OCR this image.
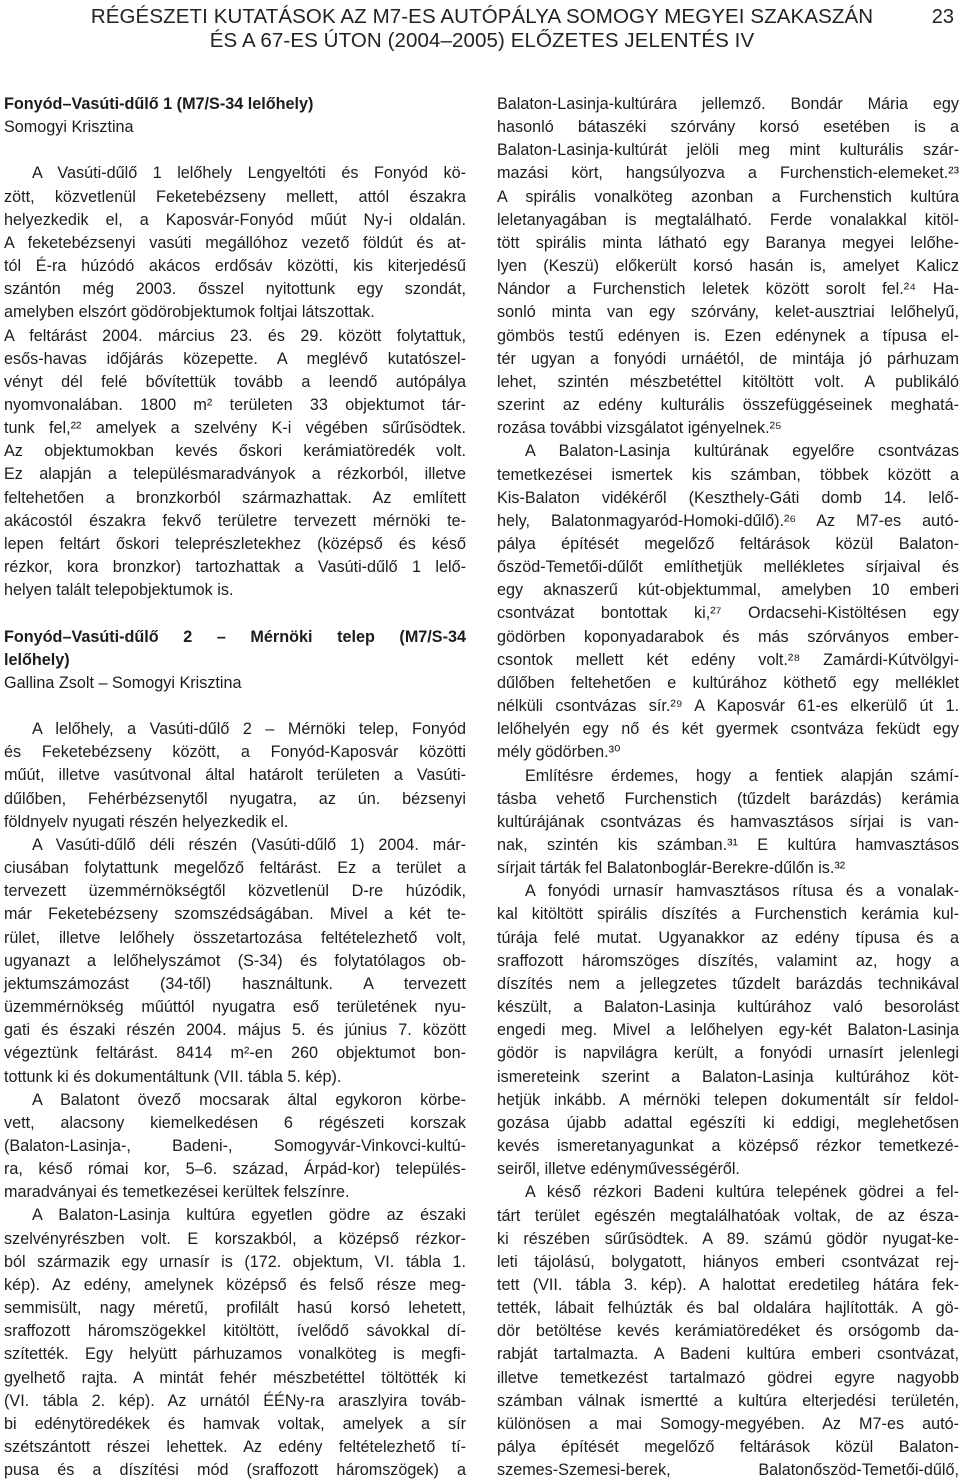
RÉGÉSZETI KUTATÁSOK AZ M7-ES AUTÓPÁLYA SOMOGY MEGYEI SZAKASZÁN
ÉS A 67-ES ÚTON (2004–2005) ELŐZETES JELENTÉS IV
23
Fonyód–Vasúti-dűlő 1 (M7/S-34 lelőhely)
Somogyi Krisztina
A Vasúti-dűlő 1 lelőhely Lengyeltóti és Fonyód kö-
zött, közvetlenül Feketebézseny mellett, attól északra
helyezkedik el, a Kaposvár-Fonyód műút Ny-i oldalán.
A feketebézsenyi vasúti megállóhoz vezető földút és at-
tól É-ra húzódó akácos erdősáv közötti, kis kiterjedésű
szántón még 2003. ősszel nyitottunk egy szondát,
amelyben elszórt gödörobjektumok foltjai látszottak.
A feltárást 2004. március 23. és 29. között folytattuk,
esős-havas időjárás közepette. A meglévő kutatószel-
vényt dél felé bővítettük tovább a leendő autópálya
nyomvonalában. 1800 m² területen 33 objektumot tár-
tunk fel,²² amelyek a szelvény K-i végében sűrűsödtek.
Az objektumokban kevés őskori kerámiatöredék volt.
Ez alapján a településmaradványok a rézkorból, illetve
feltehetően a bronzkorból származhattak. Az említett
akácostól északra fekvő területre tervezett mérnöki te-
lepen feltárt őskori teleprészletekhez (középső és késő
rézkor, kora bronzkor) tartozhattak a Vasúti-dűlő 1 lelő-
helyen talált telepobjektumok is.
Fonyód–Vasúti-dűlő 2 – Mérnöki telep (M7/S-34
lelőhely)
Gallina Zsolt – Somogyi Krisztina
A lelőhely, a Vasúti-dűlő 2 – Mérnöki telep, Fonyód
és Feketebézseny között, a Fonyód-Kaposvár közötti
műút, illetve vasútvonal által határolt területen a Vasúti-
dűlőben, Fehérbézsenytől nyugatra, az ún. bézsenyi
földnyelv nyugati részén helyezkedik el.
A Vasúti-dűlő déli részén (Vasúti-dűlő 1) 2004. már-
ciusában folytattunk megelőző feltárást. Ez a terület a
tervezett üzemmérnökségtől közvetlenül D-re húzódik,
már Feketebézseny szomszédságában. Mivel a két te-
rület, illetve lelőhely összetartozása feltételezhető volt,
ugyanazt a lelőhelyszámot (S-34) és folytatólagos ob-
jektumszámozást (34-től) használtunk. A tervezett
üzemmérnökség műúttól nyugatra eső területének nyu-
gati és északi részén 2004. május 5. és június 7. között
végeztünk feltárást. 8414 m²-en 260 objektumot bon-
tottunk ki és dokumentáltunk (VII. tábla 5. kép).
A Balatont övező mocsarak által egykoron körbe-
vett, alacsony kiemelkedésen 6 régészeti korszak
(Balaton-Lasinja-, Badeni-, Somogyvár-Vinkovci-kultú-
ra, késő római kor, 5–6. század, Árpád-kor) település-
maradványai és temetkezései kerültek felszínre.
A Balaton-Lasinja kultúra egyetlen gödre az északi
szelvényrészben volt. E korszakból, a középső rézkor-
ból származik egy urnasír is (172. objektum, VI. tábla 1.
kép). Az edény, amelynek középső és felső része meg-
semmisült, nagy méretű, profilált hasú korsó lehetett,
sraffozott háromszögekkel kitöltött, ívelődő sávokkal dí-
szítették. Egy helyütt párhuzamos vonalköteg is megfi-
gyelhető rajta. A mintát fehér mészbetéttel töltötték ki
(VI. tábla 2. kép). Az urnától ÉÉNy-ra araszlyira továb-
bi edénytöredékek és hamvak voltak, amelyek a sír
szétszántott részei lehettek. Az edény feltételezhető tí-
pusa és a díszítési mód (sraffozott háromszögek) a
Balaton-Lasinja-kultúrára jellemző. Bondár Mária egy
hasonló bátaszéki szórvány korsó esetében is a
Balaton-Lasinja-kultúrát jelöli meg mint kulturális szár-
mazási kört, hangsúlyozva a Furchenstich-elemeket.²³
A spirális vonalköteg azonban a Furchenstich kultúra
leletanyagában is megtalálható. Ferde vonalakkal kitöl-
tött spirális minta látható egy Baranya megyei lelőhe-
lyen (Keszü) előkerült korsó hasán is, amelyet Kalicz
Nándor a Furchenstich leletek között sorolt fel.²⁴ Ha-
sonló minta van egy szórvány, kelet-ausztriai lelőhelyű,
gömbös testű edényen is. Ezen edénynek a típusa el-
tér ugyan a fonyódi urnáétól, de mintája jó párhuzam
lehet, szintén mészbetéttel kitöltött volt. A publikáló
szerint az edény kulturális összefüggéseinek meghatá-
rozása további vizsgálatot igényelnek.²⁵
A Balaton-Lasinja kultúrának egyelőre csontvázas
temetkezései ismertek kis számban, többek között a
Kis-Balaton vidékéről (Keszthely-Gáti domb 14. lelő-
hely, Balatonmagyaród-Homoki-dűlő).²⁶ Az M7-es autó-
pálya építését megelőző feltárások közül Balaton-
őszöd-Temetői-dűlőt említhetjük mellékletes sírjaival és
egy aknaszerű kút-objektummal, amelyben 10 emberi
csontvázat bontottak ki,²⁷ Ordacsehi-Kistöltésen egy
gödörben koponyadarabok és más szórványos ember-
csontok mellett két edény volt.²⁸ Zamárdi-Kútvölgyi-
dűlőben feltehetően e kultúrához köthető egy melléklet
nélküli csontvázas sír.²⁹ A Kaposvár 61-es elkerülő út 1.
lelőhelyén egy nő és két gyermek csontváza feküdt egy
mély gödörben.³⁰
Említésre érdemes, hogy a fentiek alapján számí-
tásba vehető Furchenstich (tűzdelt barázdás) kerámia
kultúrájának csontvázas és hamvasztásos sírjai is van-
nak, szintén kis számban.³¹ E kultúra hamvasztásos
sírjait tárták fel Balatonboglár-Berekre-dűlőn is.³²
A fonyódi urnasír hamvasztásos rítusa és a vonalak-
kal kitöltött spirális díszítés a Furchenstich kerámia kul-
túrája felé mutat. Ugyanakkor az edény típusa és a
sraffozott háromszöges díszítés, valamint az, hogy a
díszítés nem a jellegzetes tűzdelt barázdás technikával
készült, a Balaton-Lasinja kultúrához való besorolást
engedi meg. Mivel a lelőhelyen egy-két Balaton-Lasinja
gödör is napvilágra került, a fonyódi urnasírt jelenlegi
ismereteink szerint a Balaton-Lasinja kultúrához köt-
hetjük inkább. A mérnöki telepen dokumentált sír feldol-
gozása újabb adattal egészíti ki eddigi, meglehetősen
kevés ismeretanyagunkat a középső rézkor temetkezé-
seiről, illetve edényművességéről.
A késő rézkori Badeni kultúra telepének gödrei a fel-
tárt terület egészén megtalálhatóak voltak, de az észa-
ki részében sűrűsödtek. A 89. számú gödör nyugat-ke-
leti tájolású, bolygatott, hiányos emberi csontvázat rej-
tett (VII. tábla 3. kép). A halottat eredetileg hátára fek-
tették, lábait felhúzták és bal oldalára hajlították. A gö-
dör betöltése kevés kerámiatöredéket és orsógomb da-
rabját tartalmazta. A Badeni kultúra emberi csontvázat,
illetve temetkezést tartalmazó gödrei egyre nagyobb
számban válnak ismertté a kultúra elterjedési területén,
különösen a mai Somogy-megyében. Az M7-es autó-
pálya építését megelőző feltárások közül Balaton-
szemes-Szemesi-berek, Balatonőszöd-Temetői-dűlő,
